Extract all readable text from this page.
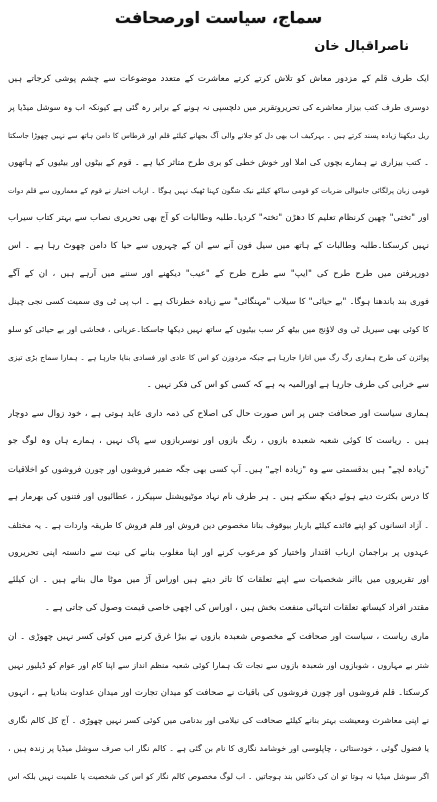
سماج، سیاست اورصحافت
ناصراقبال خان
ایک طرف قلم کے مزدور معاش کو تلاش کرتے کرتے معاشرت کے متعدد موضوعات سے چشم پوشی کرجاتے ہیں
دوسری طرف کتب بیزار معاشرے کی تحریروتقریر میں دلچسپی نہ ہونے کے برابر رہ گئی ہے کیونکہ اب وہ سوشل میڈیا پر
ریل دیکھنا زیادہ پسند کرتے ہیں ۔ بہرکیف اب بھی دل کو جلانے والی آگ بجھانے کیلئے قلم اور قرطاس کا دامن ہاتھ سے نہیں چھوڑا جاسکتا
۔ کتب بیزاری نے ہمارے بچوں کی املا اور خوش خطی کو بری طرح متاثر کیا ہے ۔ قوم کے بیٹوں اور بیٹیوں کے ہاتھوں
قومی زبان پرلگائی جانیوالی ضربات کو قومی ساکھ کیلئے نیک شگون کہنا ٹھیک نہیں ہوگا ۔ ارباب اختیار نے قوم کے معماروں سے قلم دوات
اور "تختی" چھین کرنظام تعلیم کا دھڑن "تختہ" کردیا۔طلبہ وطالبات کو آج بھی تحریری نصاب سے بہتر کتاب سیراب
نہیں کرسکتا۔طلبہ وطالبات کے ہاتھ میں سیل فون آنے سے ان کے چہروں سے حیا کا دامن چھوٹ رہا ہے ۔ اس
دورپرفتن میں طرح طرح کی "ایپ" سے طرح طرح کے "عیب" دیکھنے اور سننے میں آرہے ہیں ، ان کے آگے
فوری بند باندھنا ہوگا۔ "بے حیائی" کا سیلاب "مہنگائی" سے زیادہ خطرناک ہے ۔ اب پی ٹی وی سمیت کسی نجی چینل
کا کوئی بھی سیریل ٹی وی لاؤنج میں بیٹھ کر سب بیٹیوں کے ساتھ نہیں دیکھا جاسکتا۔عریانی ، فحاشی اور بے حیائی کو سلو
پوائزن کی طرح ہماری رگ رگ میں اتارا جارہا ہے جبکہ مردوزن کو اس کا عادی اور فسادی بنایا جارہا ہے ۔ ہمارا سماج بڑی تیزی
سے خرابی کی طرف جارہا ہے اورالمیہ یہ ہے کہ کسی کو اس کی فکر نہیں ۔
ہماری سیاست اور صحافت جس پر اس صورت حال کی اصلاح کی ذمہ داری عاید ہوتی ہے ، خود زوال سے دوچار
ہیں ۔ ریاست کا کوئی شعبہ شعبدہ بازوں ، رنگ بازوں اور نوسربازوں سے پاک نہیں ، ہمارے ہاں وہ لوگ جو
"زیادہ لچے" ہیں بدقسمتی سے وہ "زیادہ اچے" ہیں۔ آپ کسی بھی جگہ ضمیر فروشوں اور چورن فروشوں کو اخلاقیات
کا درس بکثرت دیتے ہوئے دیکھ سکتے ہیں ۔ ہر طرف نام نہاد موٹیویشنل سپیکرز ، عطائیوں اور فتنوں کی بھرمار ہے
۔ آزاد انسانوں کو اپنے فائدے کیلئے باربار بیوقوف بنانا مخصوص دین فروش اور قلم فروش کا طریقہ واردات ہے ۔ یہ مختلف
عہدوں پر براجمان ارباب اقتدار واختیار کو مرعوب کرنے اور اپنا مغلوب بنانے کی نیت سے دانستہ اپنی تحریروں
اور تقریروں میں بااثر شخصیات سے اپنے تعلقات کا تاثر دیتے ہیں اوراس آڑ میں موٹا مال بناتے ہیں ۔ ان کیلئے
مقتدر افراد کیساتھ تعلقات انتہائی منفعت بخش ہیں ، اوراس کی اچھی خاصی قیمت وصول کی جاتی ہے ۔
ماری ریاست ، سیاست اور صحافت کے مخصوص شعبدہ بازوں نے بیڑا غرق کرنے میں کوئی کسر نہیں چھوڑی ۔ ان
شتر بے مہاروں ، شوبازوں اور شعبدہ بازوں سے نجات تک ہمارا کوئی شعبہ منظم انداز سے اپنا کام اور عوام کو ڈیلیور نہیں
کرسکتا۔ قلم فروشوں اور چورن فروشوں کی باقیات نے صحافت کو میدان تجارت اور میدان عداوت بنادیا ہے ، انہوں
نے اپنی معاشرت ومعیشت بہتر بنانے کیلئے صحافت کی نیلامی اور بدنامی میں کوئی کسر نہیں چھوڑی ۔ آج کل کالم نگاری
یا فضول گوئی ، خودستائی ، چاپلوسی اور خوشامد نگاری کا نام بن گئی ہے ۔ کالم نگار اب صرف سوشل میڈیا پر زندہ ہیں ،
اگر سوشل میڈیا نہ ہوتا تو ان کی دکانیں بند ہوجاتیں ۔ اب لوگ مخصوص کالم نگار کو اس کی شخصیت یا علمیت نہیں بلکہ اس
